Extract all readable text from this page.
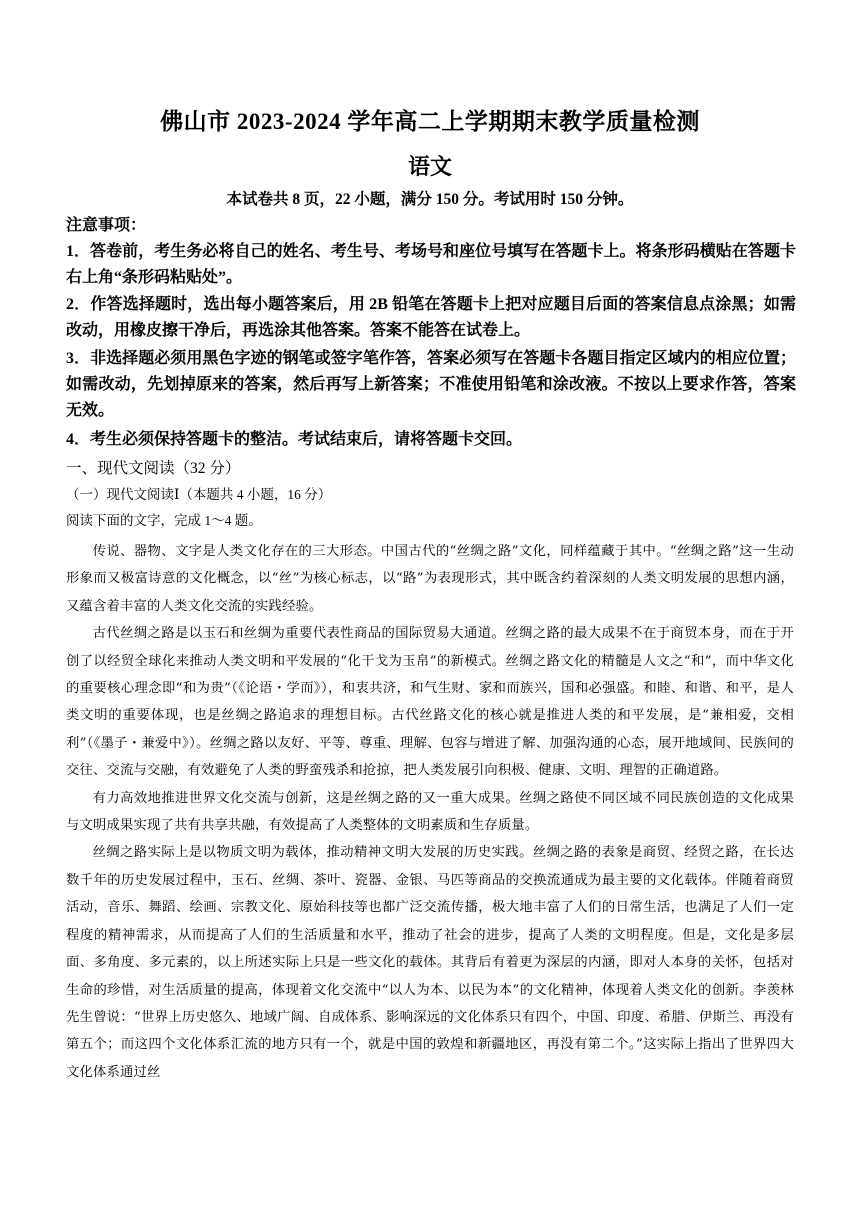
佛山市 2023-2024 学年高二上学期期末教学质量检测
语文
本试卷共 8 页，22 小题，满分 150 分。考试用时 150 分钟。

注意事项：

1．答卷前，考生务必将自己的姓名、考生号、考场号和座位号填写在答题卡上。将条形码横贴在答题卡右上角“条形码粘贴处”。

2．作答选择题时，选出每小题答案后，用 2B 铅笔在答题卡上把对应题目后面的答案信息点涂黑；如需改动，用橡皮擦干净后，再选涂其他答案。答案不能答在试卷上。

3．非选择题必须用黑色字迹的钢笔或签字笔作答，答案必须写在答题卡各题目指定区域内的相应位置；如需改动，先划掉原来的答案，然后再写上新答案；不准使用铅笔和涂改液。不按以上要求作答，答案无效。

4．考生必须保持答题卡的整洁。考试结束后，请将答题卡交回。

一、现代文阅读（32 分）
（一）现代文阅读Ⅰ（本题共 4 小题，16 分）
阅读下面的文字，完成 1～4 题。

传说、器物、文字是人类文化存在的三大形态。中国古代的“丝绸之路”文化，同样蕴藏于其中。“丝绸之路”这一生动形象而又极富诗意的文化概念，以“丝”为核心标志，以“路”为表现形式，其中既含约着深刻的人类文明发展的思想内涵，又蕴含着丰富的人类文化交流的实践经验。

古代丝绸之路是以玉石和丝绸为重要代表性商品的国际贸易大通道。丝绸之路的最大成果不在于商贸本身，而在于开创了以经贸全球化来推动人类文明和平发展的“化干戈为玉帛”的新模式。丝绸之路文化的精髓是人文之“和”，而中华文化的重要核心理念即“和为贵”（《论语・学而》），和衷共济，和气生财、家和而族兴，国和必强盛。和睦、和谐、和平，是人类文明的重要体现，也是丝绸之路追求的理想目标。古代丝路文化的核心就是推进人类的和平发展，是“兼相爱，交相利”（《墨子・兼爱中》）。丝绸之路以友好、平等、尊重、理解、包容与增进了解、加强沟通的心态，展开地域间、民族间的交往、交流与交融，有效避免了人类的野蛮残杀和抢掠，把人类发展引向积极、健康、文明、理智的正确道路。

有力高效地推进世界文化交流与创新，这是丝绸之路的又一重大成果。丝绸之路使不同区域不同民族创造的文化成果与文明成果实现了共有共享共融，有效提高了人类整体的文明素质和生存质量。

丝绸之路实际上是以物质文明为载体，推动精神文明大发展的历史实践。丝绸之路的表象是商贸、经贸之路，在长达数千年的历史发展过程中，玉石、丝绸、茶叶、瓷器、金银、马匹等商品的交换流通成为最主要的文化载体。伴随着商贸活动，音乐、舞蹈、绘画、宗教文化、原始科技等也都广泛交流传播，极大地丰富了人们的日常生活，也满足了人们一定程度的精神需求，从而提高了人们的生活质量和水平，推动了社会的进步，提高了人类的文明程度。但是，文化是多层面、多角度、多元素的，以上所述实际上只是一些文化的载体。其背后有着更为深层的内涵，即对人本身的关怀，包括对生命的珍惜，对生活质量的提高，体现着文化交流中“以人为本、以民为本”的文化精神，体现着人类文化的创新。李羡林先生曾说：“世界上历史悠久、地域广阔、自成体系、影响深远的文化体系只有四个，中国、印度、希腊、伊斯兰、再没有第五个；而这四个文化体系汇流的地方只有一个，就是中国的敦煌和新疆地区，再没有第二个。”这实际上指出了世界四大文化体系通过丝
